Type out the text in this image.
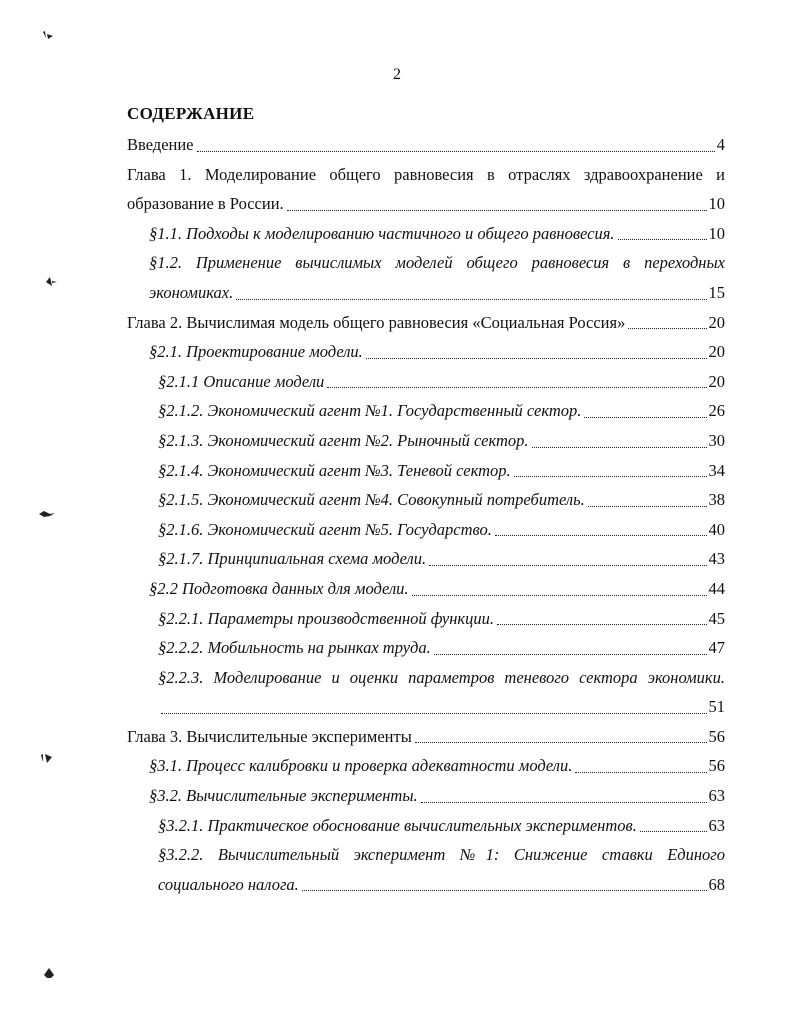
2
СОДЕРЖАНИЕ
Введение	4
Глава 1. Моделирование общего равновесия в отраслях здравоохранение и
образование в России.	10
§1.1. Подходы к моделированию частичного и общего равновесия.	10
§1.2. Применение вычислимых моделей общего равновесия в переходных
экономиках.	15
Глава 2. Вычислимая модель общего равновесия «Социальная Россия»	20
§2.1. Проектирование модели.	20
§2.1.1 Описание модели	20
§2.1.2. Экономический агент №1. Государственный сектор.	26
§2.1.3. Экономический агент №2. Рыночный сектор.	30
§2.1.4. Экономический агент №3. Теневой сектор.	34
§2.1.5. Экономический агент №4. Совокупный потребитель.	38
§2.1.6. Экономический агент №5. Государство.	40
§2.1.7. Принципиальная схема модели.	43
§2.2 Подготовка данных для модели.	44
§2.2.1. Параметры производственной функции.	45
§2.2.2. Мобильность на рынках труда.	47
§2.2.3. Моделирование и оценки параметров теневого сектора экономики.
51
Глава 3. Вычислительные эксперименты	56
§3.1. Процесс калибровки и проверка адекватности модели.	56
§3.2. Вычислительные эксперименты.	63
§3.2.1. Практическое обоснование вычислительных экспериментов.	63
§3.2.2. Вычислительный эксперимент №1: Снижение ставки Единого
социального налога.	68
